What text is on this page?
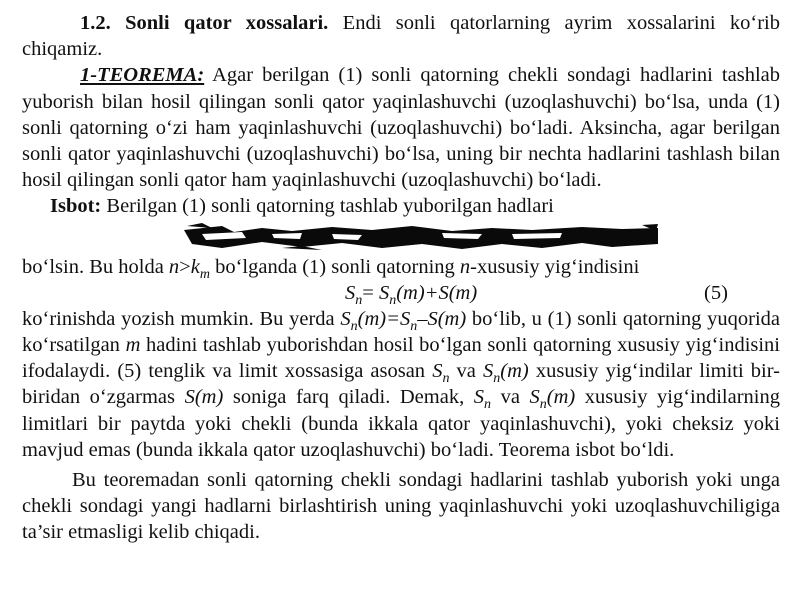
1.2. Sonli qator xossalari. Endi sonli qatorlarning ayrim xossalarini ko‘rib chiqamiz.

1-TEOREMA: Agar berilgan (1) sonli qatorning chekli sondagi hadlarini tashlab yuborish bilan hosil qilingan sonli qator yaqinlashuvchi (uzoqlashuvchi) bo‘lsa, unda (1) sonli qatorning o‘zi ham yaqinlashuvchi (uzoqlashuvchi) bo‘ladi. Aksincha, agar berilgan sonli qator yaqinlashuvchi (uzoqlashuvchi) bo‘lsa, uning bir nechta hadlarini tashlash bilan hosil qilingan sonli qator ham yaqinlashuvchi (uzoqlashuvchi) bo‘ladi.

Isbot: Berilgan (1) sonli qatorning tashlab yuborilgan hadlari

bo‘lsin. Bu holda $n>k_m$ bo‘lganda (1) sonli qatorning n-xususiy yig‘indisini

$S_n= S_n(m)+S(m)$	(5)

ko‘rinishda yozish mumkin. Bu yerda $S_n(m)=S_n-S(m)$ bo‘lib, u (1) sonli qatorning yuqorida ko‘rsatilgan m hadini tashlab yuborishdan hosil bo‘lgan sonli qatorning xususiy yig‘indisini ifodalaydi. (5) tenglik va limit xossasiga asosan $S_n$ va $S_n(m)$ xususiy yig‘indilar limiti bir-biridan o‘zgarmas S(m) soniga farq qiladi. Demak, $S_n$ va $S_n(m)$ xususiy yig‘indilarning limitlari bir paytda yoki chekli (bunda ikkala qator yaqinlashuvchi), yoki cheksiz yoki mavjud emas (bunda ikkala qator uzoqlashuvchi) bo‘ladi. Teorema isbot bo‘ldi.

Bu teoremadan sonli qatorning chekli sondagi hadlarini tashlab yuborish yoki unga chekli sondagi yangi hadlarni birlashtirish uning yaqinlashuvchi yoki uzoqlashuvchiligiga ta’sir etmasligi kelib chiqadi.
